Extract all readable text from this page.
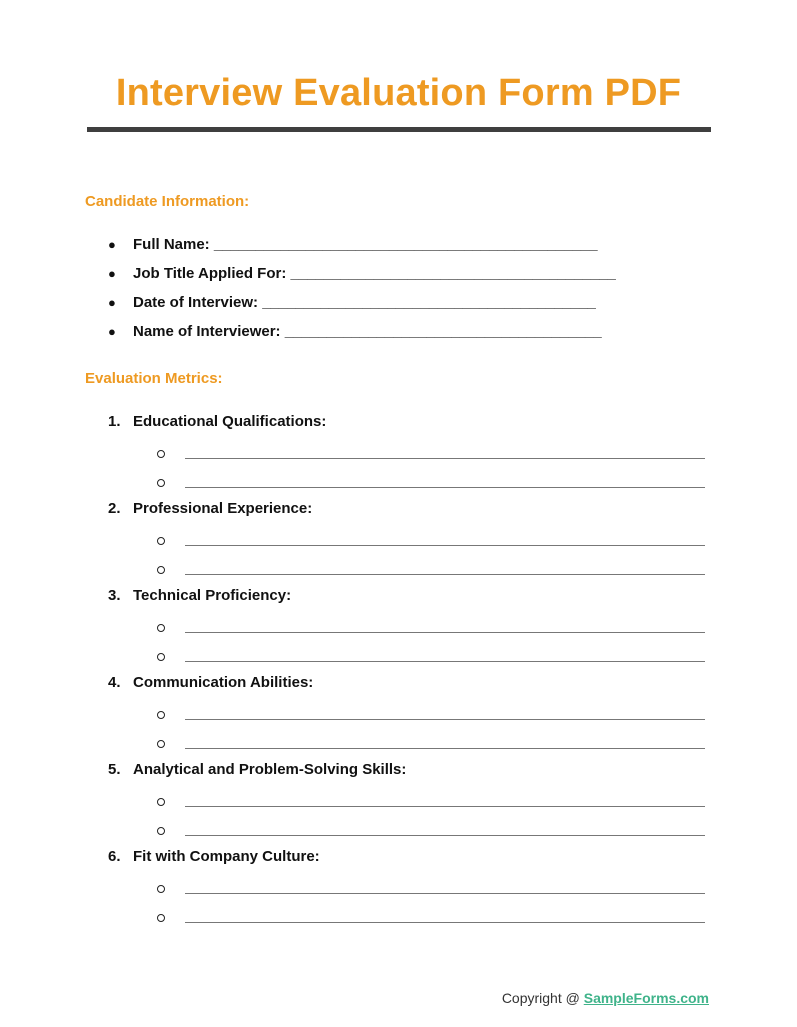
Interview Evaluation Form PDF
Candidate Information:
●	Full Name: ______________________________________________
●	Job Title Applied For: _______________________________________
●	Date of Interview: ________________________________________
●	Name of Interviewer: ______________________________________
Evaluation Metrics:
1. Educational Qualifications:
2. Professional Experience:
3. Technical Proficiency:
4. Communication Abilities:
5. Analytical and Problem-Solving Skills:
6. Fit with Company Culture:
Copyright @ SampleForms.com
